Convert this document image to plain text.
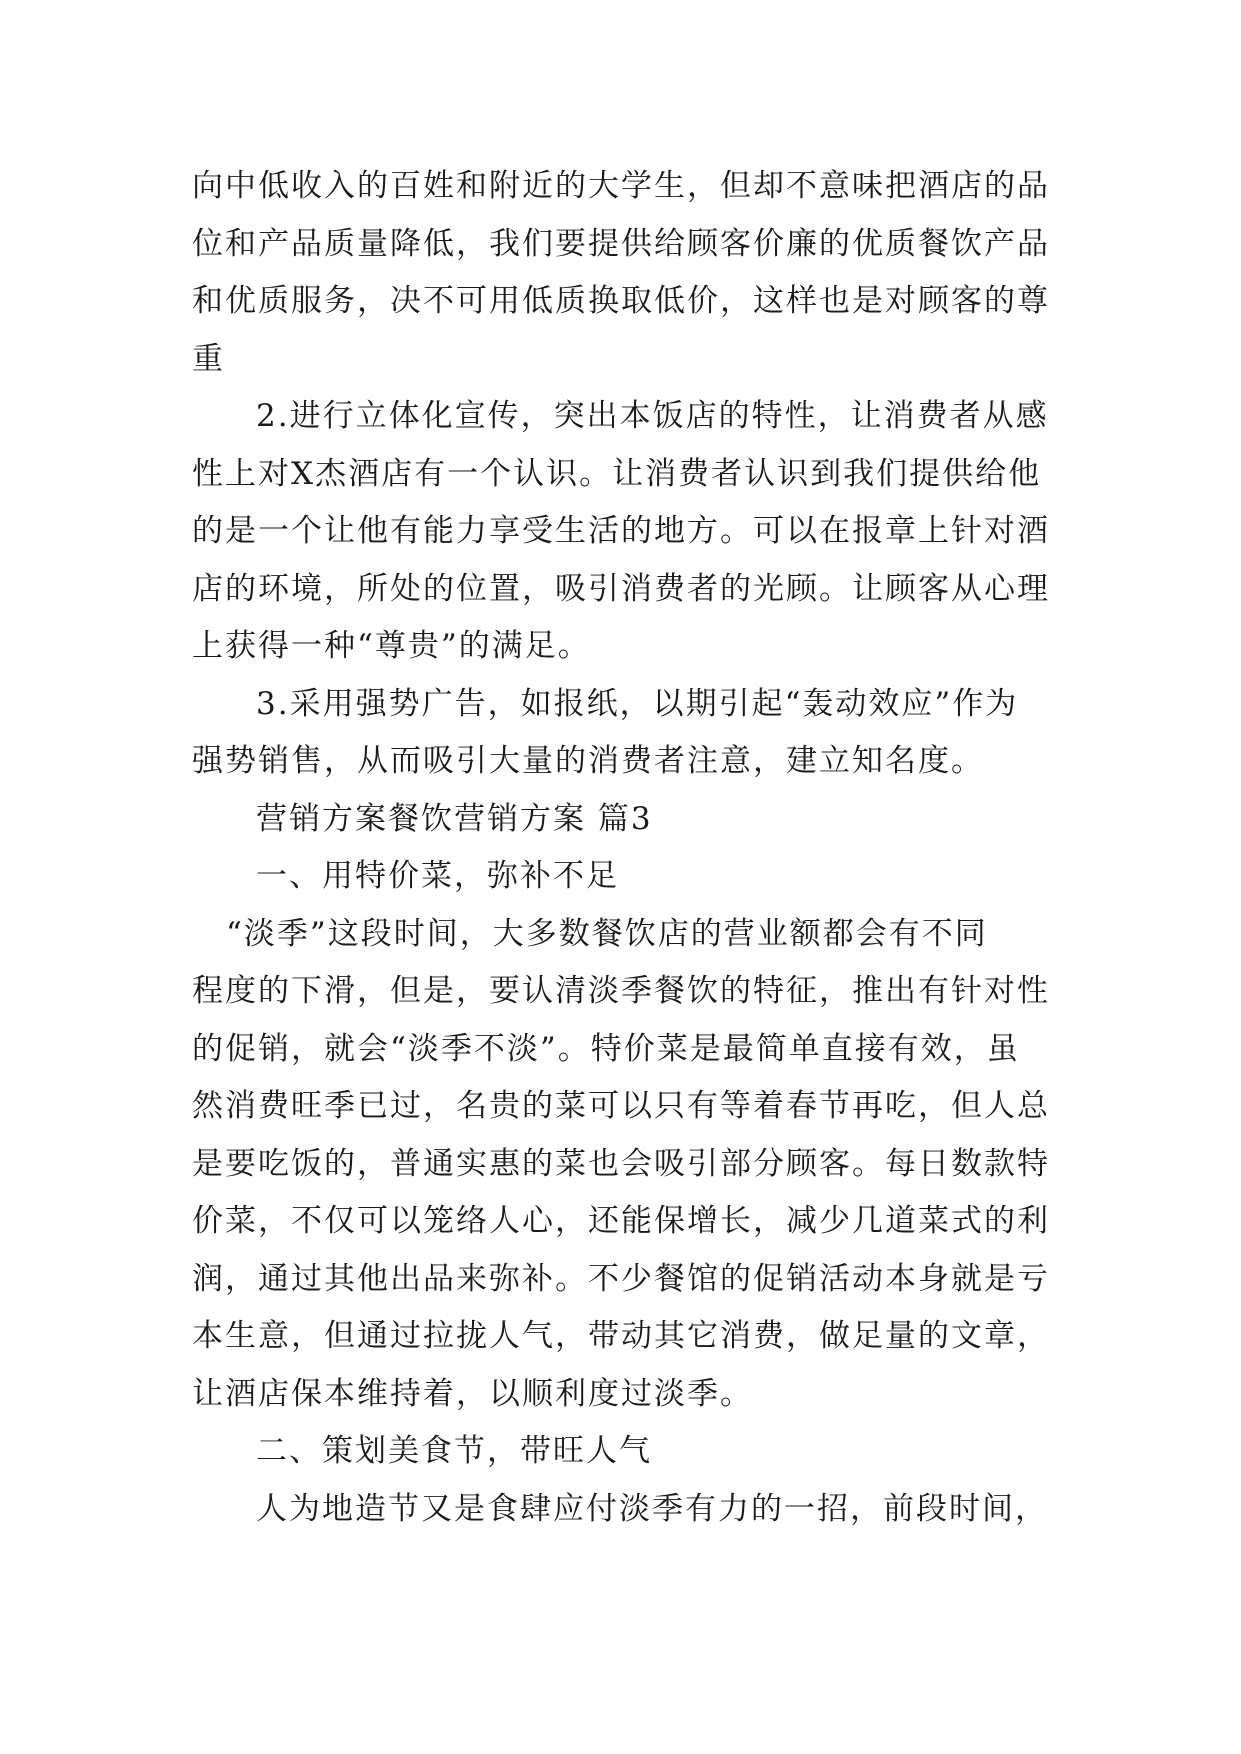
向中低收入的百姓和附近的大学生，但却不意味把酒店的品
位和产品质量降低，我们要提供给顾客价廉的优质餐饮产品
和优质服务，决不可用低质换取低价，这样也是对顾客的尊
重
2.进行立体化宣传，突出本饭店的特性，让消费者从感
性上对X杰酒店有一个认识。让消费者认识到我们提供给他
的是一个让他有能力享受生活的地方。可以在报章上针对酒
店的环境，所处的位置，吸引消费者的光顾。让顾客从心理
上获得一种“尊贵”的满足。
3.采用强势广告，如报纸，以期引起“轰动效应”作为
强势销售，从而吸引大量的消费者注意，建立知名度。
营销方案餐饮营销方案 篇3
一、用特价菜，弥补不足
“淡季”这段时间，大多数餐饮店的营业额都会有不同
程度的下滑，但是，要认清淡季餐饮的特征，推出有针对性
的促销，就会“淡季不淡”。特价菜是最简单直接有效，虽
然消费旺季已过，名贵的菜可以只有等着春节再吃，但人总
是要吃饭的，普通实惠的菜也会吸引部分顾客。每日数款特
价菜，不仅可以笼络人心，还能保增长，减少几道菜式的利
润，通过其他出品来弥补。不少餐馆的促销活动本身就是亏
本生意，但通过拉拢人气，带动其它消费，做足量的文章，
让酒店保本维持着，以顺利度过淡季。
二、策划美食节，带旺人气
人为地造节又是食肆应付淡季有力的一招，前段时间，
